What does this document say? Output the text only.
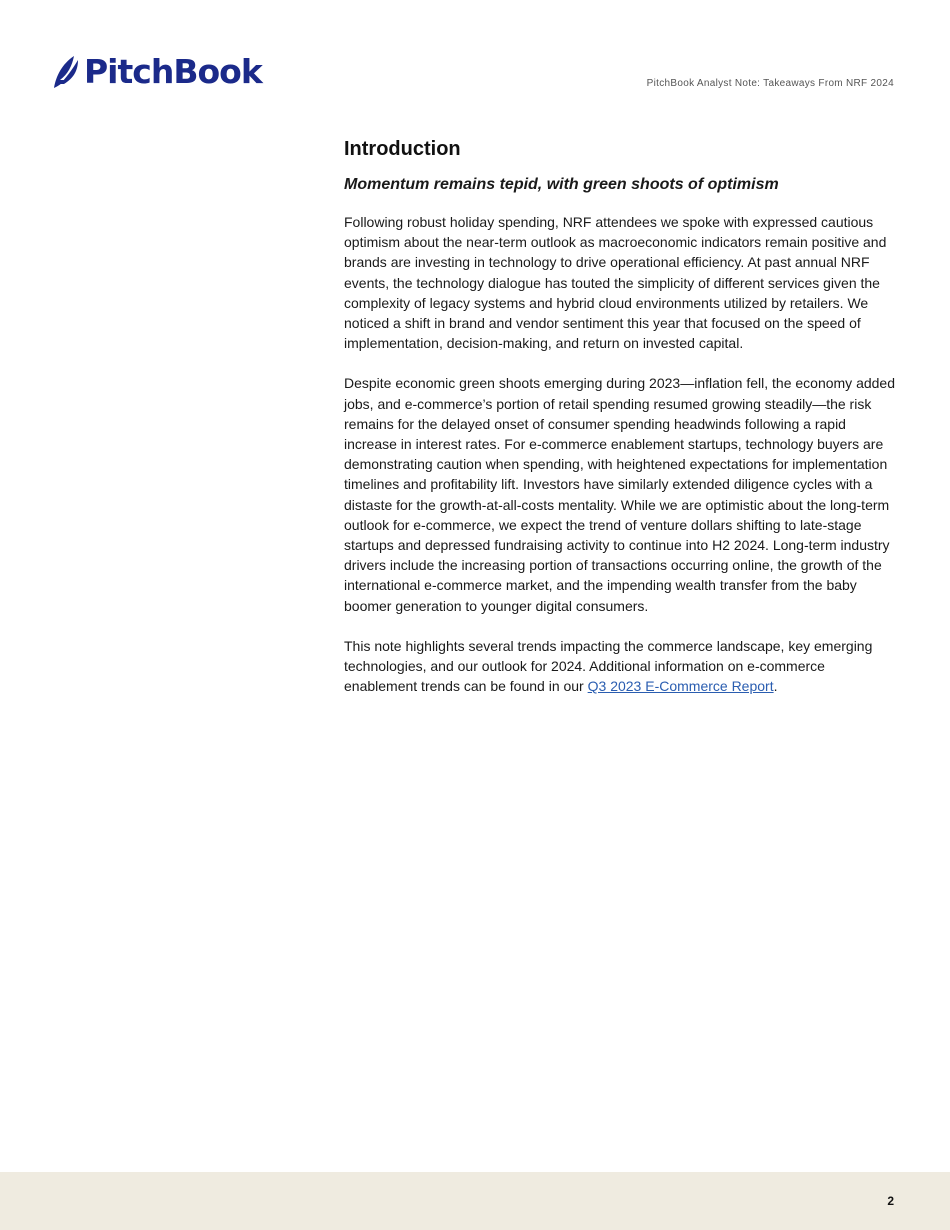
PitchBook	PitchBook Analyst Note: Takeaways From NRF 2024
Introduction
Momentum remains tepid, with green shoots of optimism

Following robust holiday spending, NRF attendees we spoke with expressed cautious optimism about the near-term outlook as macroeconomic indicators remain positive and brands are investing in technology to drive operational efficiency. At past annual NRF events, the technology dialogue has touted the simplicity of different services given the complexity of legacy systems and hybrid cloud environments utilized by retailers. We noticed a shift in brand and vendor sentiment this year that focused on the speed of implementation, decision-making, and return on invested capital.

Despite economic green shoots emerging during 2023—inflation fell, the economy added jobs, and e-commerce’s portion of retail spending resumed growing steadily—the risk remains for the delayed onset of consumer spending headwinds following a rapid increase in interest rates. For e-commerce enablement startups, technology buyers are demonstrating caution when spending, with heightened expectations for implementation timelines and profitability lift. Investors have similarly extended diligence cycles with a distaste for the growth-at-all-costs mentality. While we are optimistic about the long-term outlook for e-commerce, we expect the trend of venture dollars shifting to late-stage startups and depressed fundraising activity to continue into H2 2024. Long-term industry drivers include the increasing portion of transactions occurring online, the growth of the international e-commerce market, and the impending wealth transfer from the baby boomer generation to younger digital consumers.

This note highlights several trends impacting the commerce landscape, key emerging technologies, and our outlook for 2024. Additional information on e-commerce enablement trends can be found in our Q3 2023 E-Commerce Report.

2
